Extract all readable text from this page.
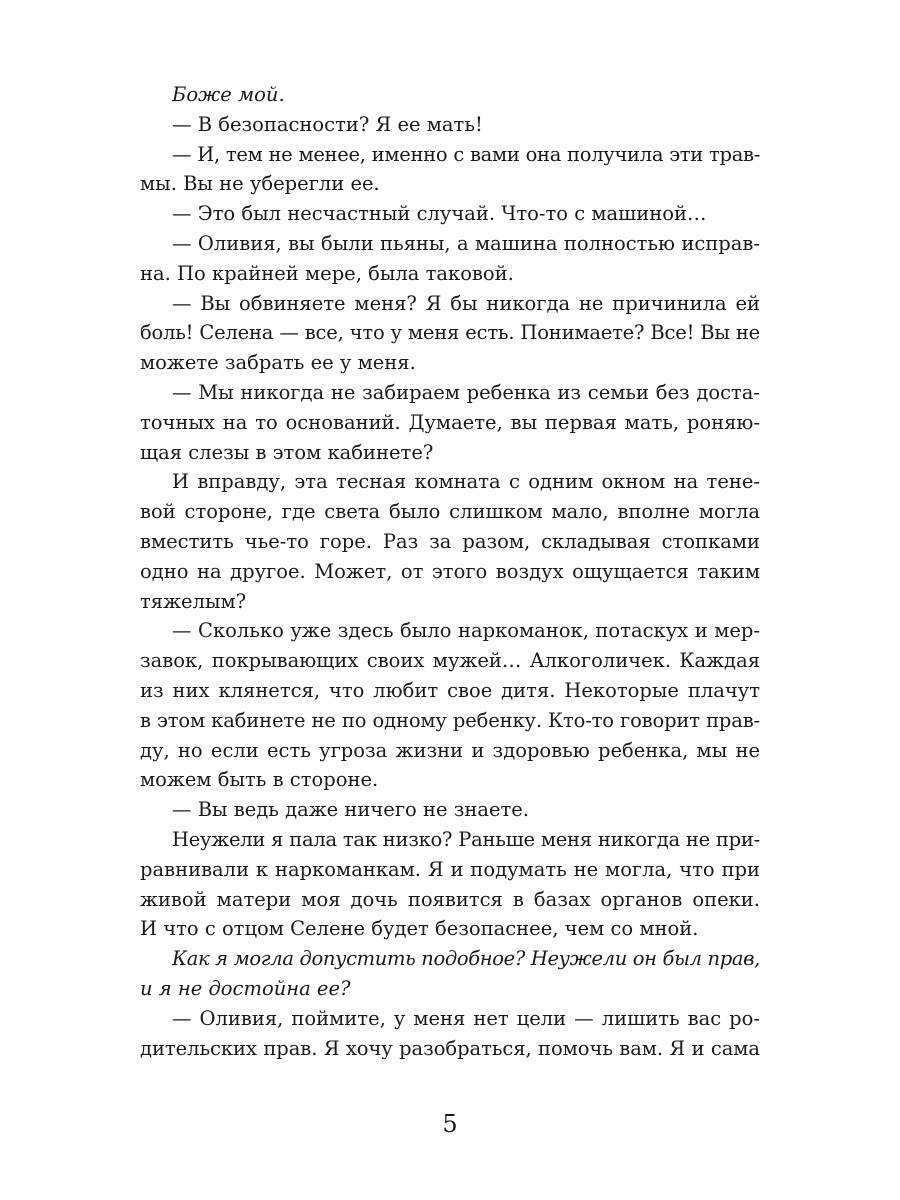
Боже мой.
— В безопасности? Я ее мать!
— И, тем не менее, именно с вами она получила эти трав-
мы. Вы не уберегли ее.
— Это был несчастный случай. Что-то с машиной…
— Оливия, вы были пьяны, а машина полностью исправ-
на. По крайней мере, была таковой.
— Вы обвиняете меня? Я бы никогда не причинила ей
боль! Селена — все, что у меня есть. Понимаете? Все! Вы не
можете забрать ее у меня.
— Мы никогда не забираем ребенка из семьи без доста-
точных на то оснований. Думаете, вы первая мать, роняю-
щая слезы в этом кабинете?
И вправду, эта тесная комната с одним окном на тене-
вой стороне, где света было слишком мало, вполне могла
вместить чье-то горе. Раз за разом, складывая стопками
одно на другое. Может, от этого воздух ощущается таким
тяжелым?
— Сколько уже здесь было наркоманок, потаскух и мер-
завок, покрывающих своих мужей… Алкоголичек. Каждая
из них клянется, что любит свое дитя. Некоторые плачут
в этом кабинете не по одному ребенку. Кто-то говорит прав-
ду, но если есть угроза жизни и здоровью ребенка, мы не
можем быть в стороне.
— Вы ведь даже ничего не знаете.
Неужели я пала так низко? Раньше меня никогда не при-
равнивали к наркоманкам. Я и подумать не могла, что при
живой матери моя дочь появится в базах органов опеки.
И что с отцом Селене будет безопаснее, чем со мной.
Как я могла допустить подобное? Неужели он был прав,
и я не достойна ее?
— Оливия, поймите, у меня нет цели — лишить вас ро-
дительских прав. Я хочу разобраться, помочь вам. Я и сама
5
